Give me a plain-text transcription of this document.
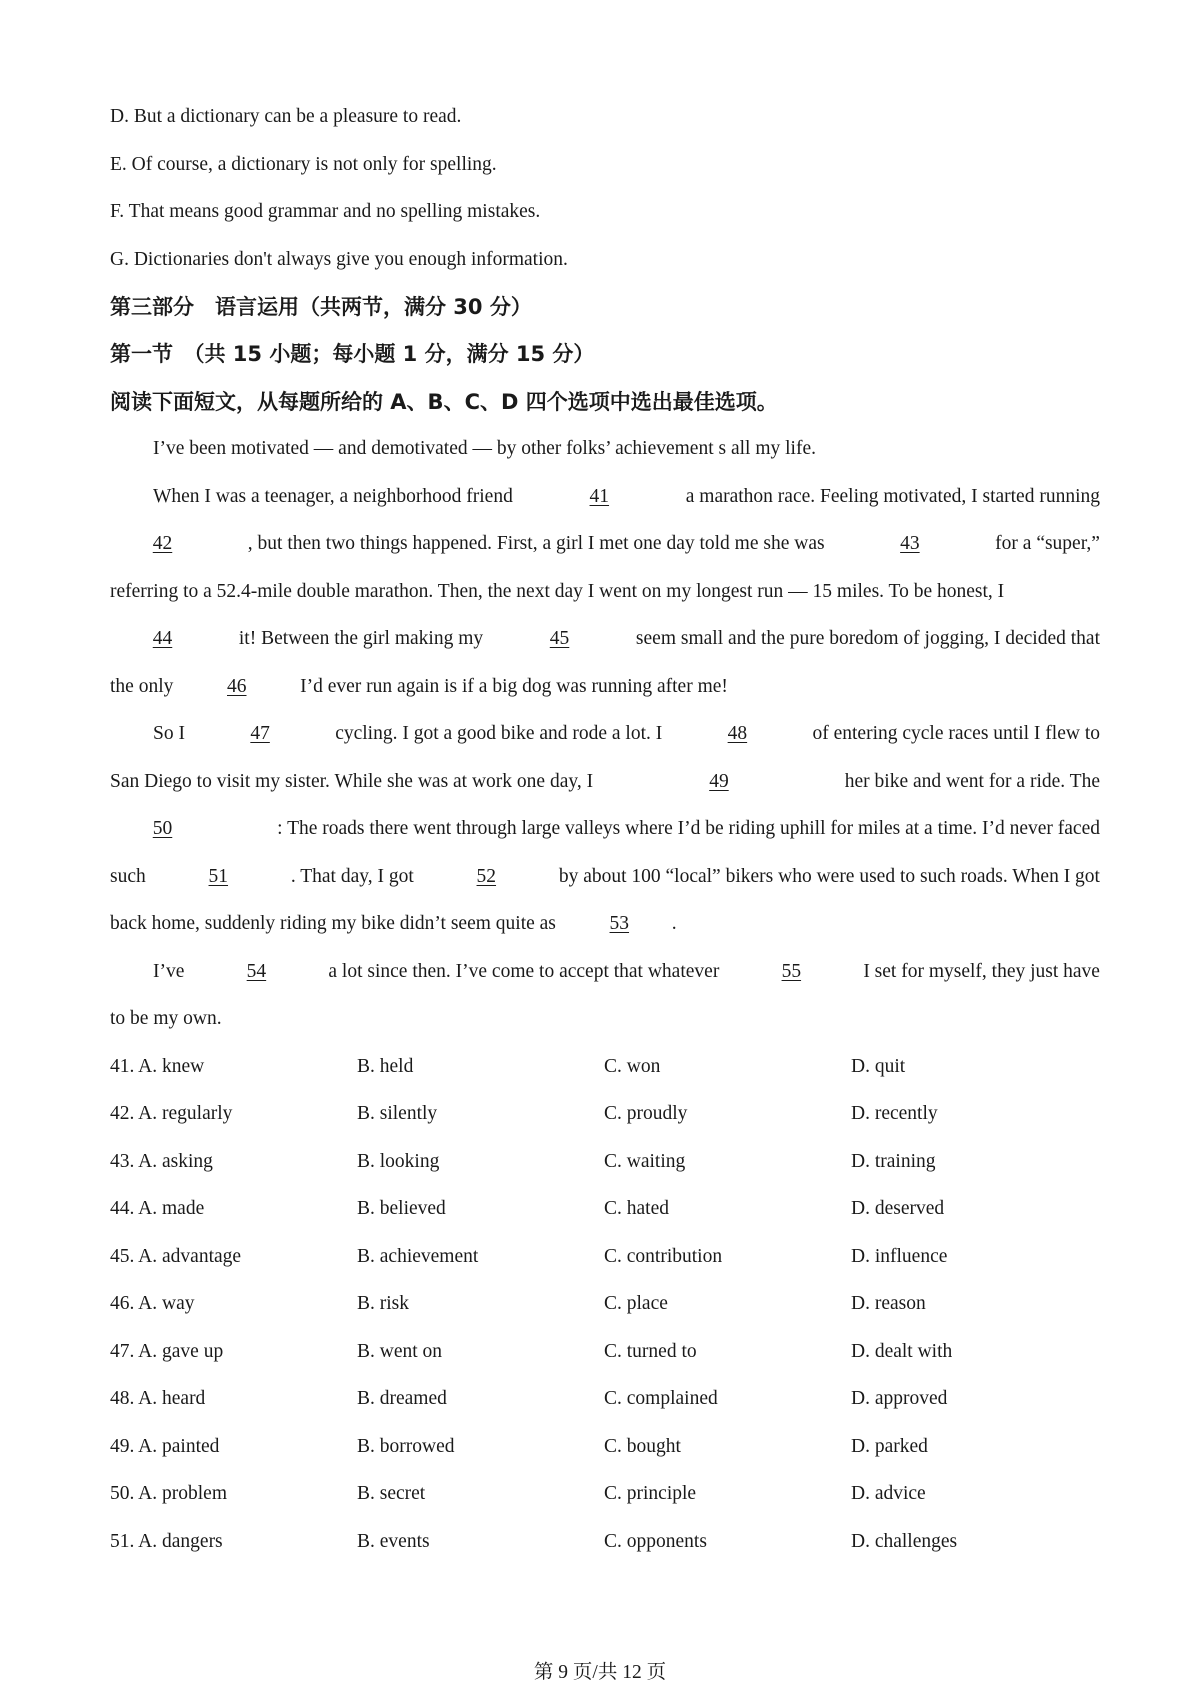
D. But a dictionary can be a pleasure to read.
E. Of course, a dictionary is not only for spelling.
F. That means good grammar and no spelling mistakes.
G. Dictionaries don't always give you enough information.
第三部分　语言运用（共两节，满分 30 分）
第一节　（共 15 小题；每小题 1 分，满分 15 分）
阅读下面短文，从每题所给的 A、B、C、D 四个选项中选出最佳选项。
I’ve been motivated — and demotivated — by other folks’ achievement s all my life.
When I was a teenager, a neighborhood friend	41	a marathon race. Feeling motivated, I started running
42	, but then two things happened. First, a girl I met one day told me she was	43	for a “super,”
referring to a 52.4-mile double marathon. Then, the next day I went on my longest run — 15 miles. To be honest, I
44	it! Between the girl making my	45	seem small and the pure boredom of jogging, I decided that
the only	46	I’d ever run again is if a big dog was running after me!
So I	47	cycling. I got a good bike and rode a lot. I	48	of entering cycle races until I flew to
San Diego to visit my sister. While she was at work one day, I	49	her bike and went for a ride. The
50	: The roads there went through large valleys where I’d be riding uphill for miles at a time. I’d never faced
such	51	. That day, I got	52	by about 100 “local” bikers who were used to such roads. When I got
back home, suddenly riding my bike didn’t seem quite as	53 .
I’ve	54	a lot since then. I’ve come to accept that whatever	55	I set for myself, they just have
to be my own.
41. A. knew	B. held	C. won	D. quit
42. A. regularly	B. silently	C. proudly	D. recently
43. A. asking	B. looking	C. waiting	D. training
44. A. made	B. believed	C. hated	D. deserved
45. A. advantage	B. achievement	C. contribution	D. influence
46. A. way	B. risk	C. place	D. reason
47. A. gave up	B. went on	C. turned to	D. dealt with
48. A. heard	B. dreamed	C. complained	D. approved
49. A. painted	B. borrowed	C. bought	D. parked
50. A. problem	B. secret	C. principle	D. advice
51. A. dangers	B. events	C. opponents	D. challenges
第 9 页/共 12 页
